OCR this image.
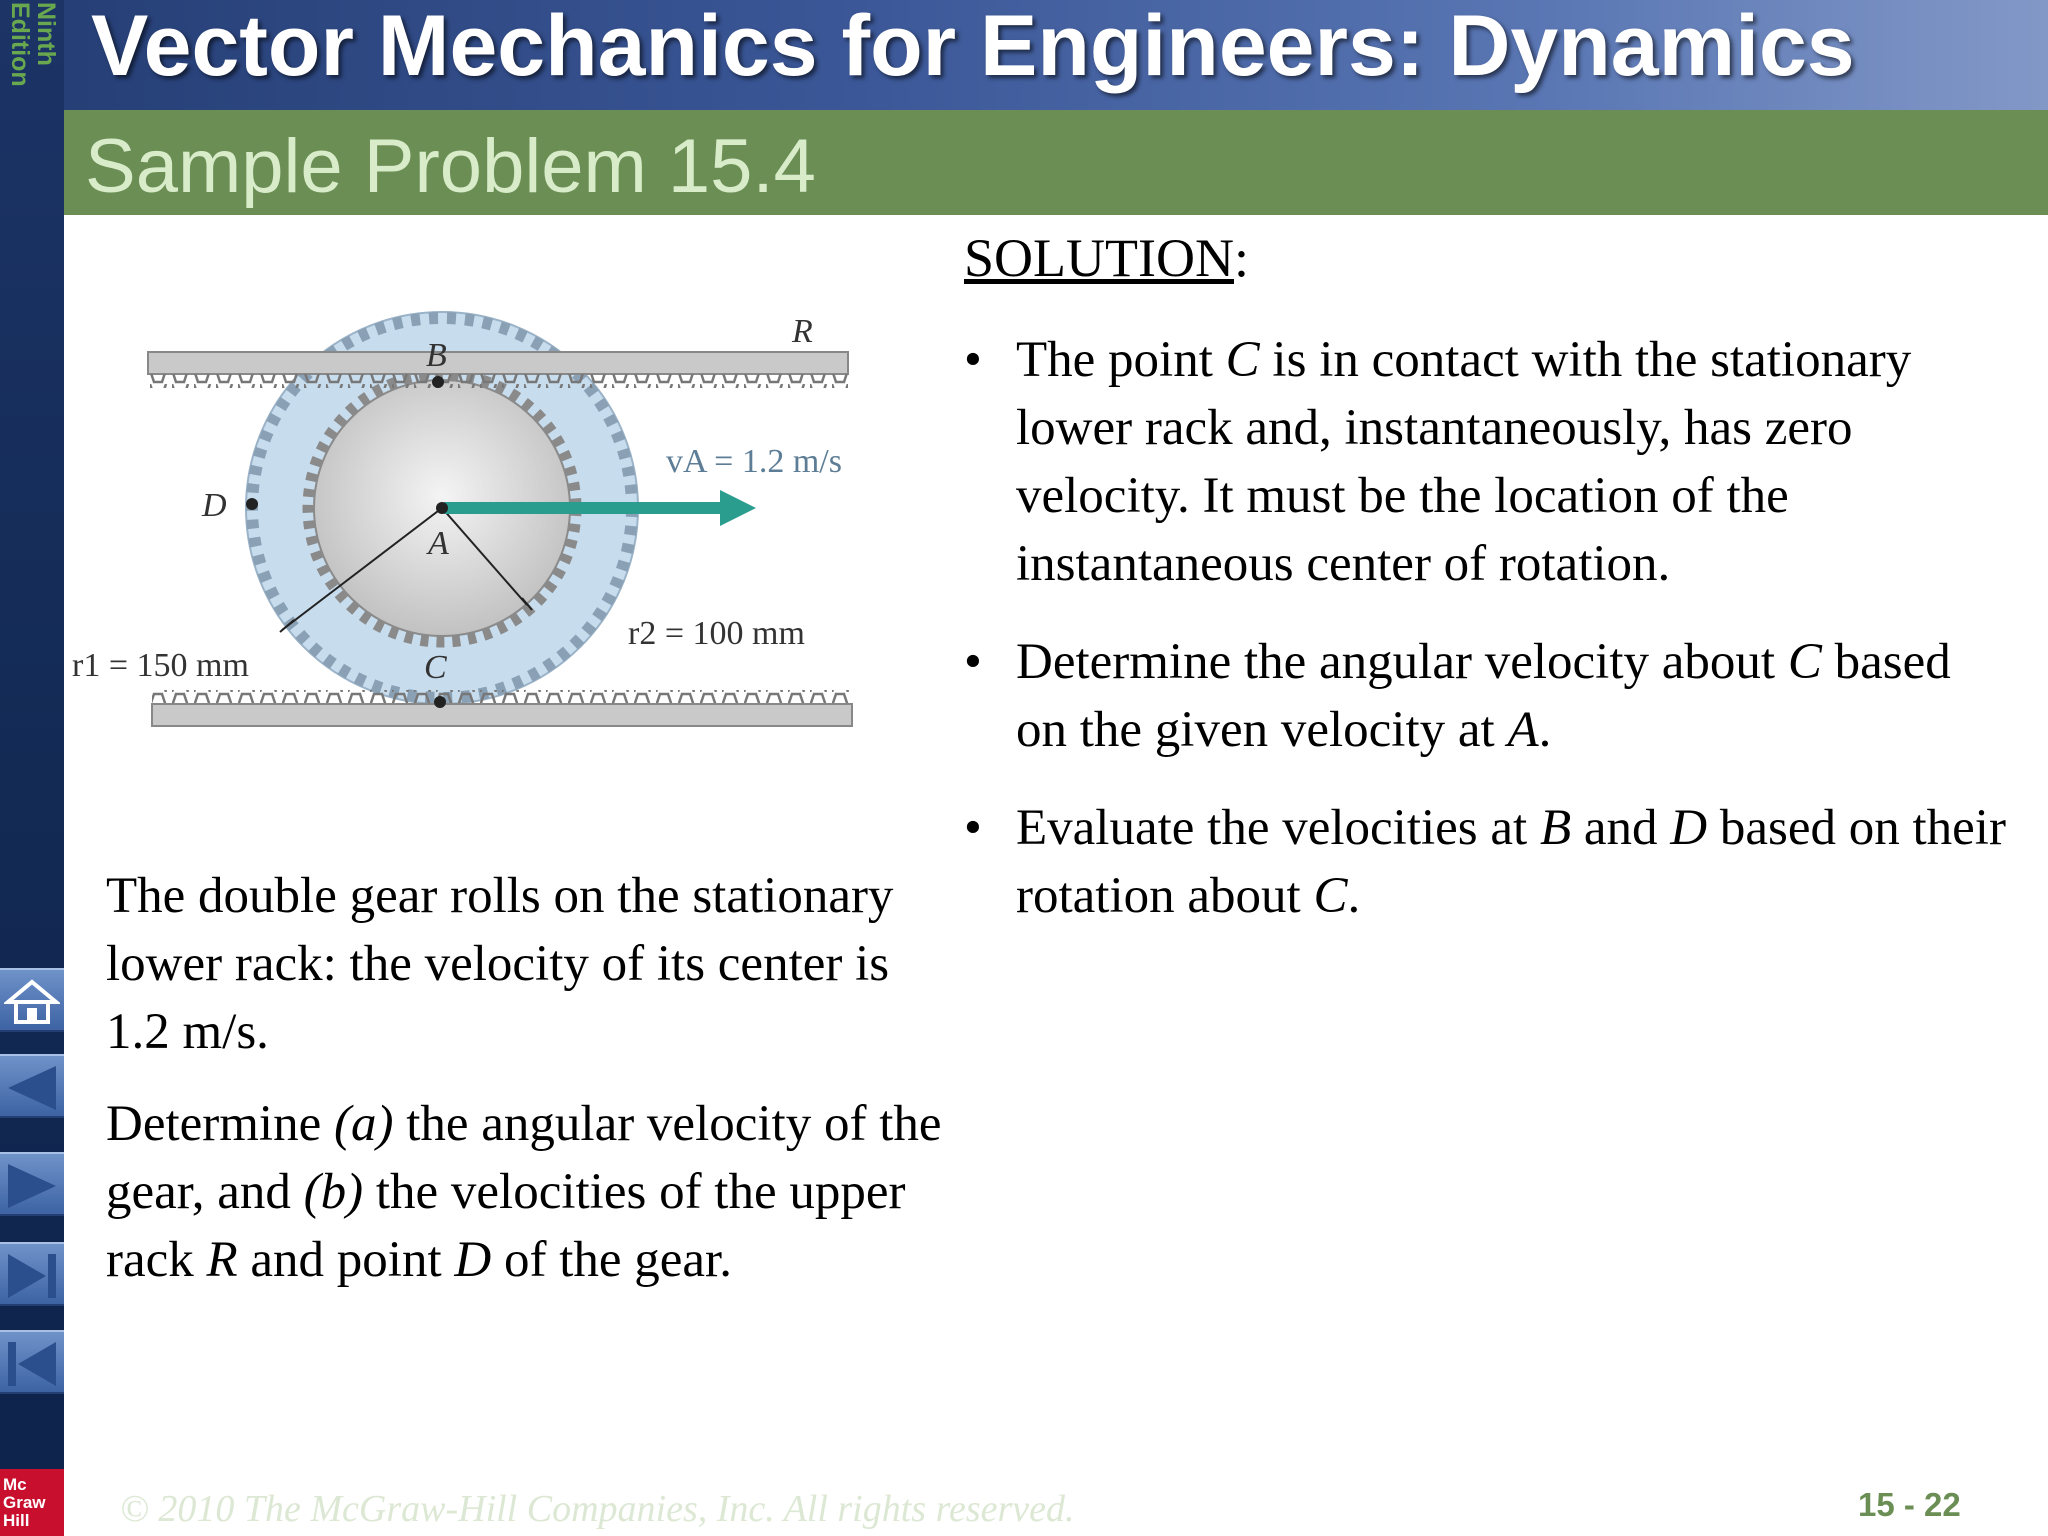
Ninth
Edition
Mc
Graw
Hill
Vector Mechanics for Engineers: Dynamics
Sample Problem 15.4
B
R
D
A
C
vA = 1.2 m/s
r1 = 150 mm
r2 = 100 mm

The double gear rolls on the stationary lower rack: the velocity of its center is 1.2 m/s.

Determine (a) the angular velocity of the gear, and (b) the velocities of the upper rack R and point D of the gear.

SOLUTION:
• The point C is in contact with the stationary lower rack and, instantaneously, has zero velocity. It must be the location of the instantaneous center of rotation.
• Determine the angular velocity about C based on the given velocity at A.
• Evaluate the velocities at B and D based on their rotation about C.
© 2010 The McGraw-Hill Companies, Inc. All rights reserved.	15 - 22
